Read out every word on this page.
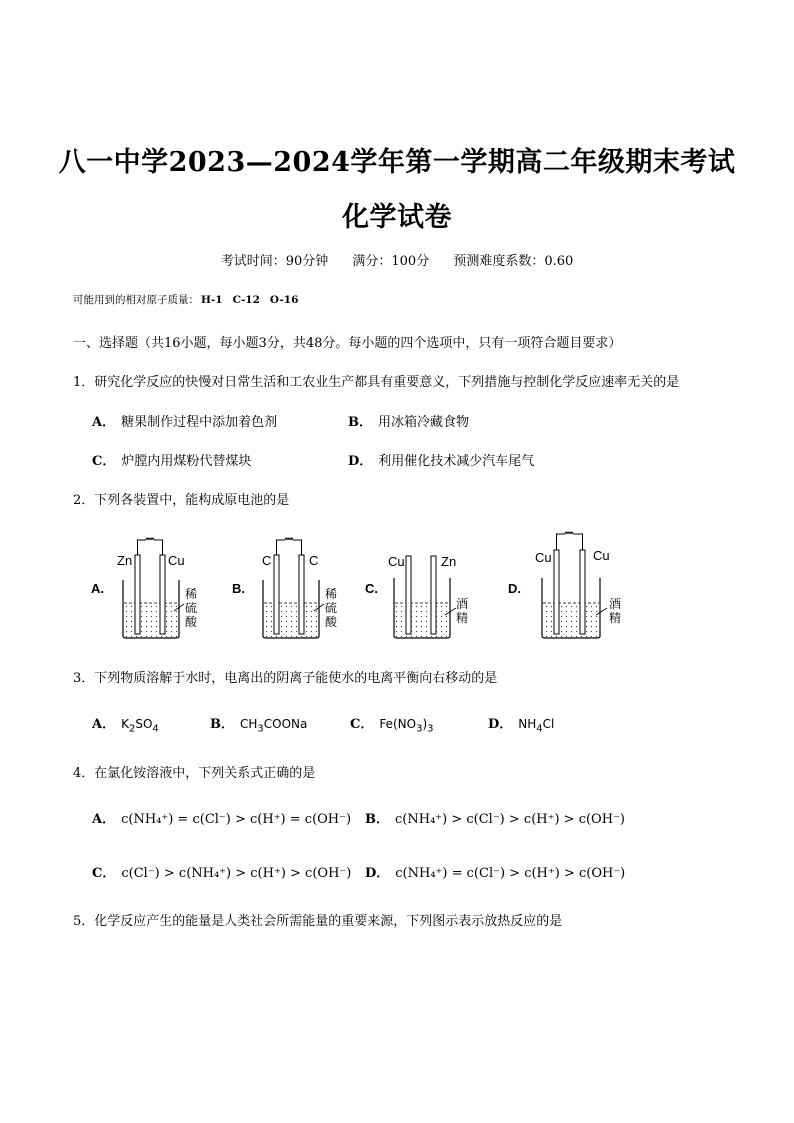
八一中学2023—2024学年第一学期高二年级期末考试
化学试卷
考试时间：90分钟 满分：100分 预测难度系数：0.60
可能用到的相对原子质量： H-1 C-12 O-16
一、选择题（共16小题，每小题3分，共48分。每小题的四个选项中，只有一项符合题目要求）
1．研究化学反应的快慢对日常生活和工农业生产都具有重要意义，下列措施与控制化学反应速率无关的是
A． 糖果制作过程中添加着色剂	B． 用冰箱冷藏食物
C． 炉膛内用煤粉代替煤块	D． 利用催化技术减少汽车尾气
2．下列各装置中，能构成原电池的是
A.
Zn	Cu
稀
硫
酸
B.
C	C
稀
硫
酸
C.
Cu	Zn
酒
精
D.
Cu	Cu
酒
精
3．下列物质溶解于水时，电离出的阴离子能使水的电离平衡向右移动的是
A． $K_2SO_4$	B． $CH_3COONa$	C． $Fe(NO_3)_3$	D． $NH_4Cl$
4．在氯化铵溶液中，下列关系式正确的是
A． c(NH₄⁺) = c(Cl⁻) > c(H⁺) = c(OH⁻) B． c(NH₄⁺) > c(Cl⁻) > c(H⁺) > c(OH⁻)
C． c(Cl⁻) > c(NH₄⁺) > c(H⁺) > c(OH⁻) D． c(NH₄⁺) = c(Cl⁻) > c(H⁺) > c(OH⁻)
5．化学反应产生的能量是人类社会所需能量的重要来源，下列图示表示放热反应的是
